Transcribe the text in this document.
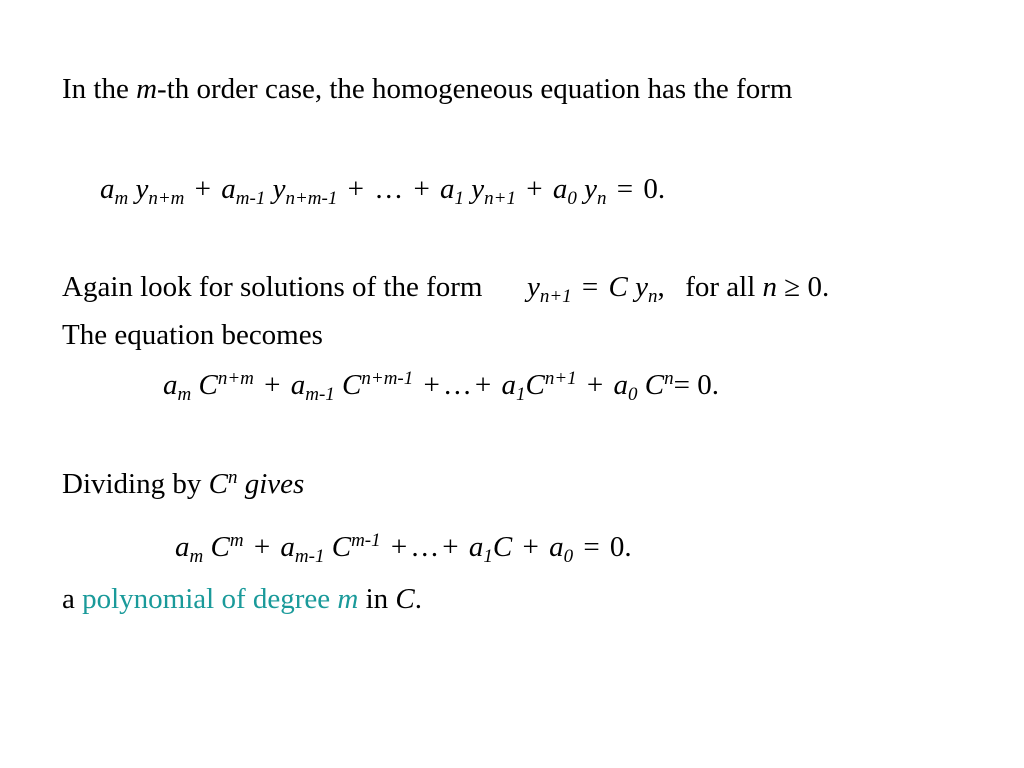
In the m-th order case, the homogeneous equation has the form
$a_m$ $y_{n+m} + a_{m-1}$ $y_{n+m-1}$ + … + $a_1$ $y_{n+1} + a_0$ $y_n = 0$.
Again look for solutions of the form $y_{n+1} = C$ $y_n$, for all n ≥ 0.
The equation becomes
$a_m$ $C^{n+m} + a_{m-1}$ $C^{n+m-1}$ + … + $a_1C^{n+1} + a_0$ $C^n= 0$.
Dividing by $C^n$ gives
$a_m$ $C^m + a_{m-1}$ $C^{m-1}$ + … + $a_1C + a_0 = 0$.
a polynomial of degree m in C.
